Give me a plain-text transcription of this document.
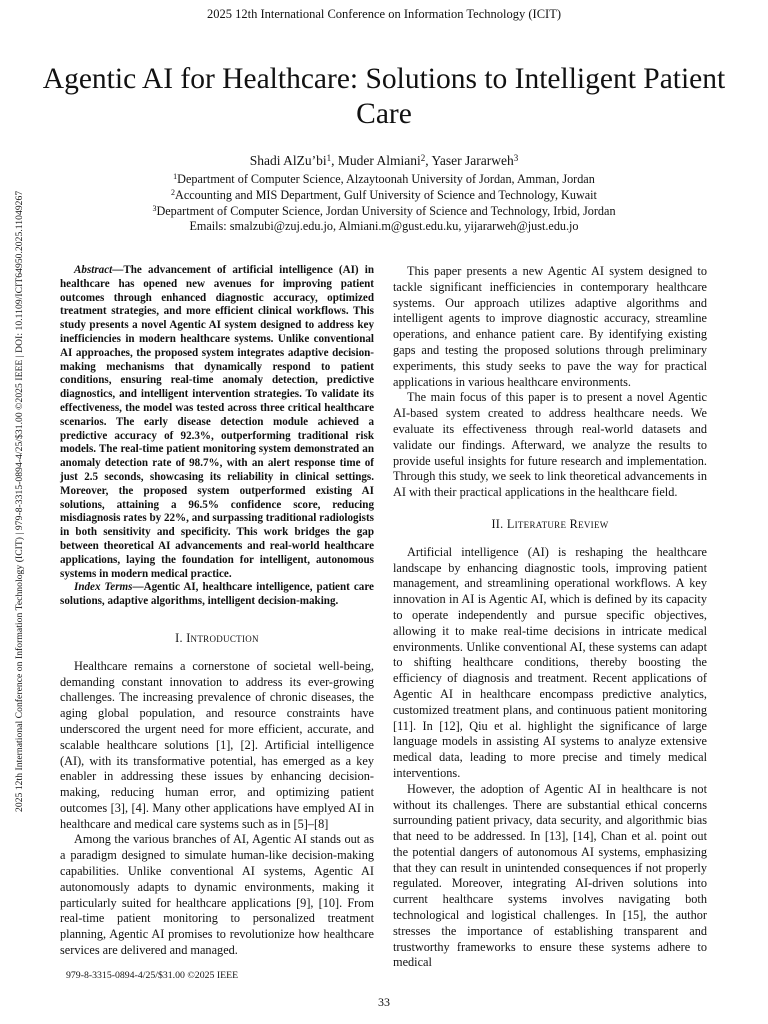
2025 12th International Conference on Information Technology (ICIT)
2025 12th International Conference on Information Technology (ICIT) | 979-8-3315-0894-4/25/$31.00 ©2025 IEEE | DOI: 10.1109/ICIT64950.2025.11049267
Agentic AI for Healthcare: Solutions to Intelligent Patient Care
Shadi $AlZu’bi^1$, Muder Almiani$^2$, Yaser Jararweh$^3$
$^1$Department of Computer Science, Alzaytoonah University of Jordan, Amman, Jordan
$^2$Accounting and MIS Department, Gulf University of Science and Technology, Kuwait
$^3$Department of Computer Science, Jordan University of Science and Technology, Irbid, Jordan
Emails: smalzubi@zuj.edu.jo, Almiani.m@gust.edu.ku, yijararweh@just.edu.jo

Abstract—The advancement of artificial intelligence (AI) in healthcare has opened new avenues for improving patient outcomes through enhanced diagnostic accuracy, optimized treatment strategies, and more efficient clinical workflows. This study presents a novel Agentic AI system designed to address key inefficiencies in modern healthcare systems. Unlike conventional AI approaches, the proposed system integrates adaptive decision-making mechanisms that dynamically respond to patient conditions, ensuring real-time anomaly detection, predictive diagnostics, and intelligent intervention strategies. To validate its effectiveness, the model was tested across three critical healthcare scenarios. The early disease detection module achieved a predictive accuracy of 92.3%, outperforming traditional risk models. The real-time patient monitoring system demonstrated an anomaly detection rate of 98.7%, with an alert response time of just 2.5 seconds, showcasing its reliability in clinical settings. Moreover, the proposed system outperformed existing AI solutions, attaining a 96.5% confidence score, reducing misdiagnosis rates by 22%, and surpassing traditional radiologists in both sensitivity and specificity. This work bridges the gap between theoretical AI advancements and real-world healthcare applications, laying the foundation for intelligent, autonomous systems in modern medical practice.

Index Terms—Agentic AI, healthcare intelligence, patient care solutions, adaptive algorithms, intelligent decision-making.

I. Introduction

Healthcare remains a cornerstone of societal well-being, demanding constant innovation to address its ever-growing challenges. The increasing prevalence of chronic diseases, the aging global population, and resource constraints have underscored the urgent need for more efficient, accurate, and scalable healthcare solutions [1], [2]. Artificial intelligence (AI), with its transformative potential, has emerged as a key enabler in addressing these issues by enhancing decision-making, reducing human error, and optimizing patient outcomes [3], [4]. Many other applications have emplyed AI in healthcare and medical care systems such as in [5]–[8]

Among the various branches of AI, Agentic AI stands out as a paradigm designed to simulate human-like decision-making capabilities. Unlike conventional AI systems, Agentic AI autonomously adapts to dynamic environments, making it particularly suited for healthcare applications [9], [10]. From real-time patient monitoring to personalized treatment planning, Agentic AI promises to revolutionize how healthcare services are delivered and managed.

This paper presents a new Agentic AI system designed to tackle significant inefficiencies in contemporary healthcare systems. Our approach utilizes adaptive algorithms and intelligent agents to improve diagnostic accuracy, streamline operations, and enhance patient care. By identifying existing gaps and testing the proposed solutions through preliminary experiments, this study seeks to pave the way for practical applications in various healthcare environments.

The main focus of this paper is to present a novel Agentic AI-based system created to address healthcare needs. We evaluate its effectiveness through real-world datasets and validate our findings. Afterward, we analyze the results to provide useful insights for future research and implementation. Through this study, we seek to link theoretical advancements in AI with their practical applications in the healthcare field.

II. Literature Review

Artificial intelligence (AI) is reshaping the healthcare landscape by enhancing diagnostic tools, improving patient management, and streamlining operational workflows. A key innovation in AI is Agentic AI, which is defined by its capacity to operate independently and pursue specific objectives, allowing it to make real-time decisions in intricate medical environments. Unlike conventional AI, these systems can adapt to shifting healthcare conditions, thereby boosting the efficiency of diagnosis and treatment. Recent applications of Agentic AI in healthcare encompass predictive analytics, customized treatment plans, and continuous patient monitoring [11]. In [12], Qiu et al. highlight the significance of large language models in assisting AI systems to analyze extensive medical data, leading to more precise and timely medical interventions.

However, the adoption of Agentic AI in healthcare is not without its challenges. There are substantial ethical concerns surrounding patient privacy, data security, and algorithmic bias that need to be addressed. In [13], [14], Chan et al. point out the potential dangers of autonomous AI systems, emphasizing that they can result in unintended consequences if not properly regulated. Moreover, integrating AI-driven solutions into current healthcare systems involves navigating both technological and logistical challenges. In [15], the author stresses the importance of establishing transparent and trustworthy frameworks to ensure these systems adhere to medical

979-8-3315-0894-4/25/$31.00 ©2025 IEEE
33
